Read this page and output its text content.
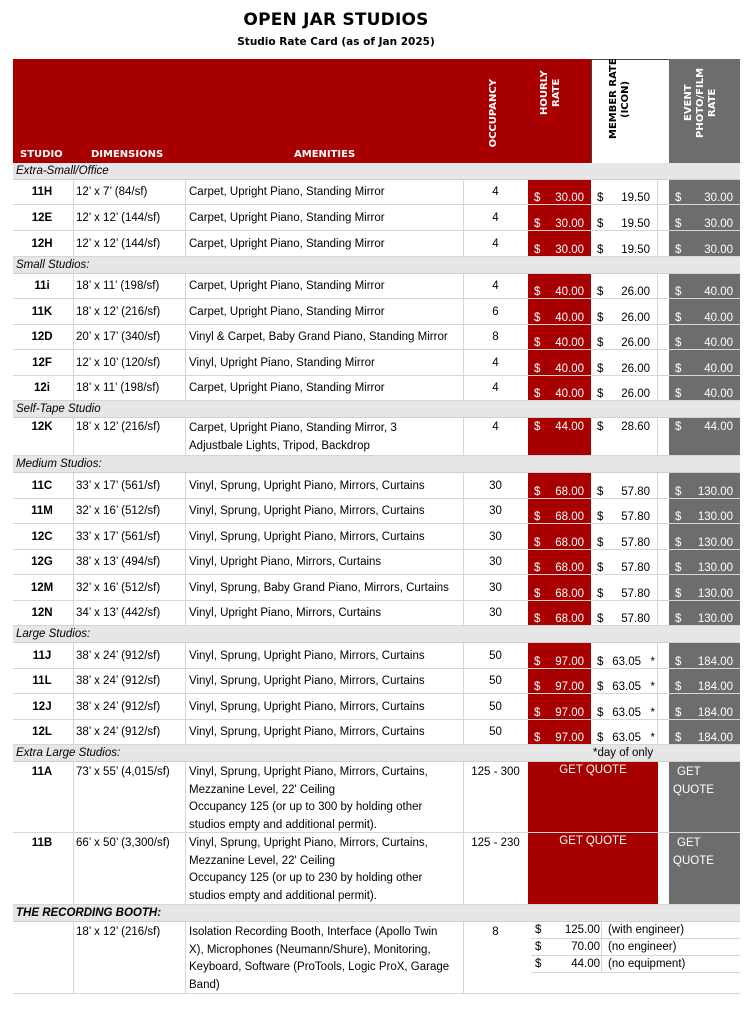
OPEN JAR STUDIOS
Studio Rate Card (as of Jan 2025)
STUDIO	DIMENSIONS	AMENITIES
OCCUPANCY	HOURLY RATE	MEMBER RATE (ICON)	EVENT PHOTO/FILM RATE
Extra-Small/Office
11H	12’ x 7’ (84/sf)	Carpet, Upright Piano, Standing Mirror	4	$ 30.00 $ 19.50 $ 30.00
12E	12’ x 12’ (144/sf)	Carpet, Upright Piano, Standing Mirror	4	$ 30.00 $ 19.50 $ 30.00
12H	12’ x 12’ (144/sf)	Carpet, Upright Piano, Standing Mirror	4	$ 30.00 $ 19.50 $ 30.00
Small Studios:
11i	18’ x 11’ (198/sf)	Carpet, Upright Piano, Standing Mirror	4	$ 40.00 $ 26.00 $ 40.00
11K	18’ x 12’ (216/sf)	Carpet, Upright Piano, Standing Mirror	6	$ 40.00 $ 26.00 $ 40.00
12D	20’ x 17’ (340/sf)	Vinyl & Carpet, Baby Grand Piano, Standing Mirror	8	$ 40.00 $ 26.00 $ 40.00
12F	12’ x 10’ (120/sf)	Vinyl, Upright Piano, Standing Mirror	4	$ 40.00 $ 26.00 $ 40.00
12i	18’ x 11’ (198/sf)	Carpet, Upright Piano, Standing Mirror	4	$ 40.00 $ 26.00 $ 40.00
Self-Tape Studio
12K	18’ x 12’ (216/sf)	Carpet, Upright Piano, Standing Mirror, 3
Adjustbale Lights, Tripod, Backdrop
4	$ 44.00 $ 28.60 $ 44.00
Medium Studios:
11C	33’ x 17’ (561/sf)	Vinyl, Sprung, Upright Piano, Mirrors, Curtains	30	$ 68.00 $ 57.80 $ 130.00
11M	32’ x 16’ (512/sf)	Vinyl, Sprung, Upright Piano, Mirrors, Curtains	30	$ 68.00 $ 57.80 $ 130.00
12C	33’ x 17’ (561/sf)	Vinyl, Sprung, Upright Piano, Mirrors, Curtains	30	$ 68.00 $ 57.80 $ 130.00
12G	38’ x 13’ (494/sf)	Vinyl, Upright Piano, Mirrors, Curtains	30	$ 68.00 $ 57.80 $ 130.00
12M	32’ x 16’ (512/sf)	Vinyl, Sprung, Baby Grand Piano, Mirrors, Curtains	30	$ 68.00 $ 57.80 $ 130.00
12N	34’ x 13’ (442/sf)	Vinyl, Upright Piano, Mirrors, Curtains	30	$ 68.00 $ 57.80 $ 130.00
Large Studios:
11J	38’ x 24’ (912/sf)	Vinyl, Sprung, Upright Piano, Mirrors, Curtains	50	$ 97.00 $ 63.05 * $ 184.00
11L	38’ x 24’ (912/sf)	Vinyl, Sprung, Upright Piano, Mirrors, Curtains	50	$ 97.00 $ 63.05 * $ 184.00
12J	38’ x 24’ (912/sf)	Vinyl, Sprung, Upright Piano, Mirrors, Curtains	50	$ 97.00 $ 63.05 * $ 184.00
12L	38’ x 24’ (912/sf)	Vinyl, Sprung, Upright Piano, Mirrors, Curtains	50	$ 97.00 $ 63.05 * $ 184.00
Extra Large Studios:	*day of only
11A	73’ x 55’ (4,015/sf)	Vinyl, Sprung, Upright Piano, Mirrors, Curtains,
Mezzanine Level, 22' Ceiling
Occupancy 125 (or up to 300 by holding other
studios empty and additional permit).
125 - 300	GET QUOTE	GET
QUOTE
11B	66’ x 50’ (3,300/sf)	Vinyl, Sprung, Upright Piano, Mirrors, Curtains,
Mezzanine Level, 22' Ceiling
Occupancy 125 (or up to 230 by holding other
studios empty and additional permit).
125 - 230	GET QUOTE	GET
QUOTE
THE RECORDING BOOTH:
18’ x 12’ (216/sf)	Isolation Recording Booth, Interface (Apollo Twin
X), Microphones (Neumann/Shure), Monitoring,
Keyboard, Software (ProTools, Logic ProX, Garage
Band)
8	$	125.00 (with engineer)
$	70.00 (no engineer)
$	44.00 (no equipment)
